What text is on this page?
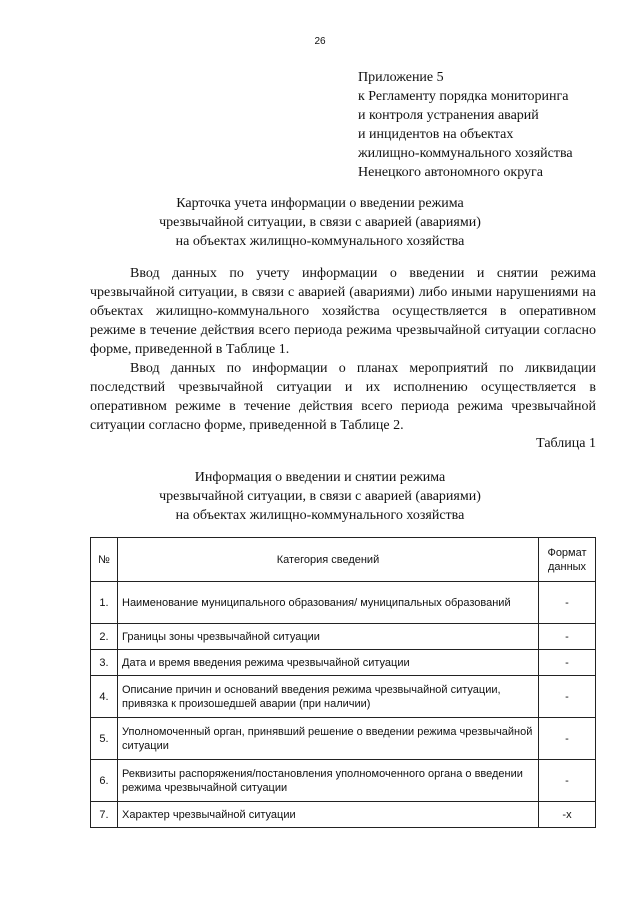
26
Приложение 5
к Регламенту порядка мониторинга
и контроля устранения аварий
и инцидентов на объектах
жилищно-коммунального хозяйства
Ненецкого автономного округа
Карточка учета информации о введении режима
чрезвычайной ситуации, в связи с аварией (авариями)
на объектах жилищно-коммунального хозяйства

Ввод данных по учету информации о введении и снятии режима чрезвычайной ситуации, в связи с аварией (авариями) либо иными нарушениями на объектах жилищно-коммунального хозяйства осуществляется в оперативном режиме в течение действия всего периода режима чрезвычайной ситуации согласно форме, приведенной в Таблице 1.

Ввод данных по информации о планах мероприятий по ликвидации последствий чрезвычайной ситуации и их исполнению осуществляется в оперативном режиме в течение действия всего периода режима чрезвычайной ситуации согласно форме, приведенной в Таблице 2.

Таблица 1
Информация о введении и снятии режима
чрезвычайной ситуации, в связи с аварией (авариями)
на объектах жилищно-коммунального хозяйства
№	Категория сведений	Формат данных
1.	Наименование муниципального образования/ муниципальных образований	-
2.	Границы зоны чрезвычайной ситуации	-
3.	Дата и время введения режима чрезвычайной ситуации	-
4.	Описание причин и оснований введения режима чрезвычайной ситуации, привязка к произошедшей аварии (при наличии)	-
5.	Уполномоченный орган, принявший решение о введении режима чрезвычайной ситуации	-
6.	Реквизиты распоряжения/постановления уполномоченного органа о введении режима чрезвычайной ситуации	-
7.	Характер чрезвычайной ситуации	-х
